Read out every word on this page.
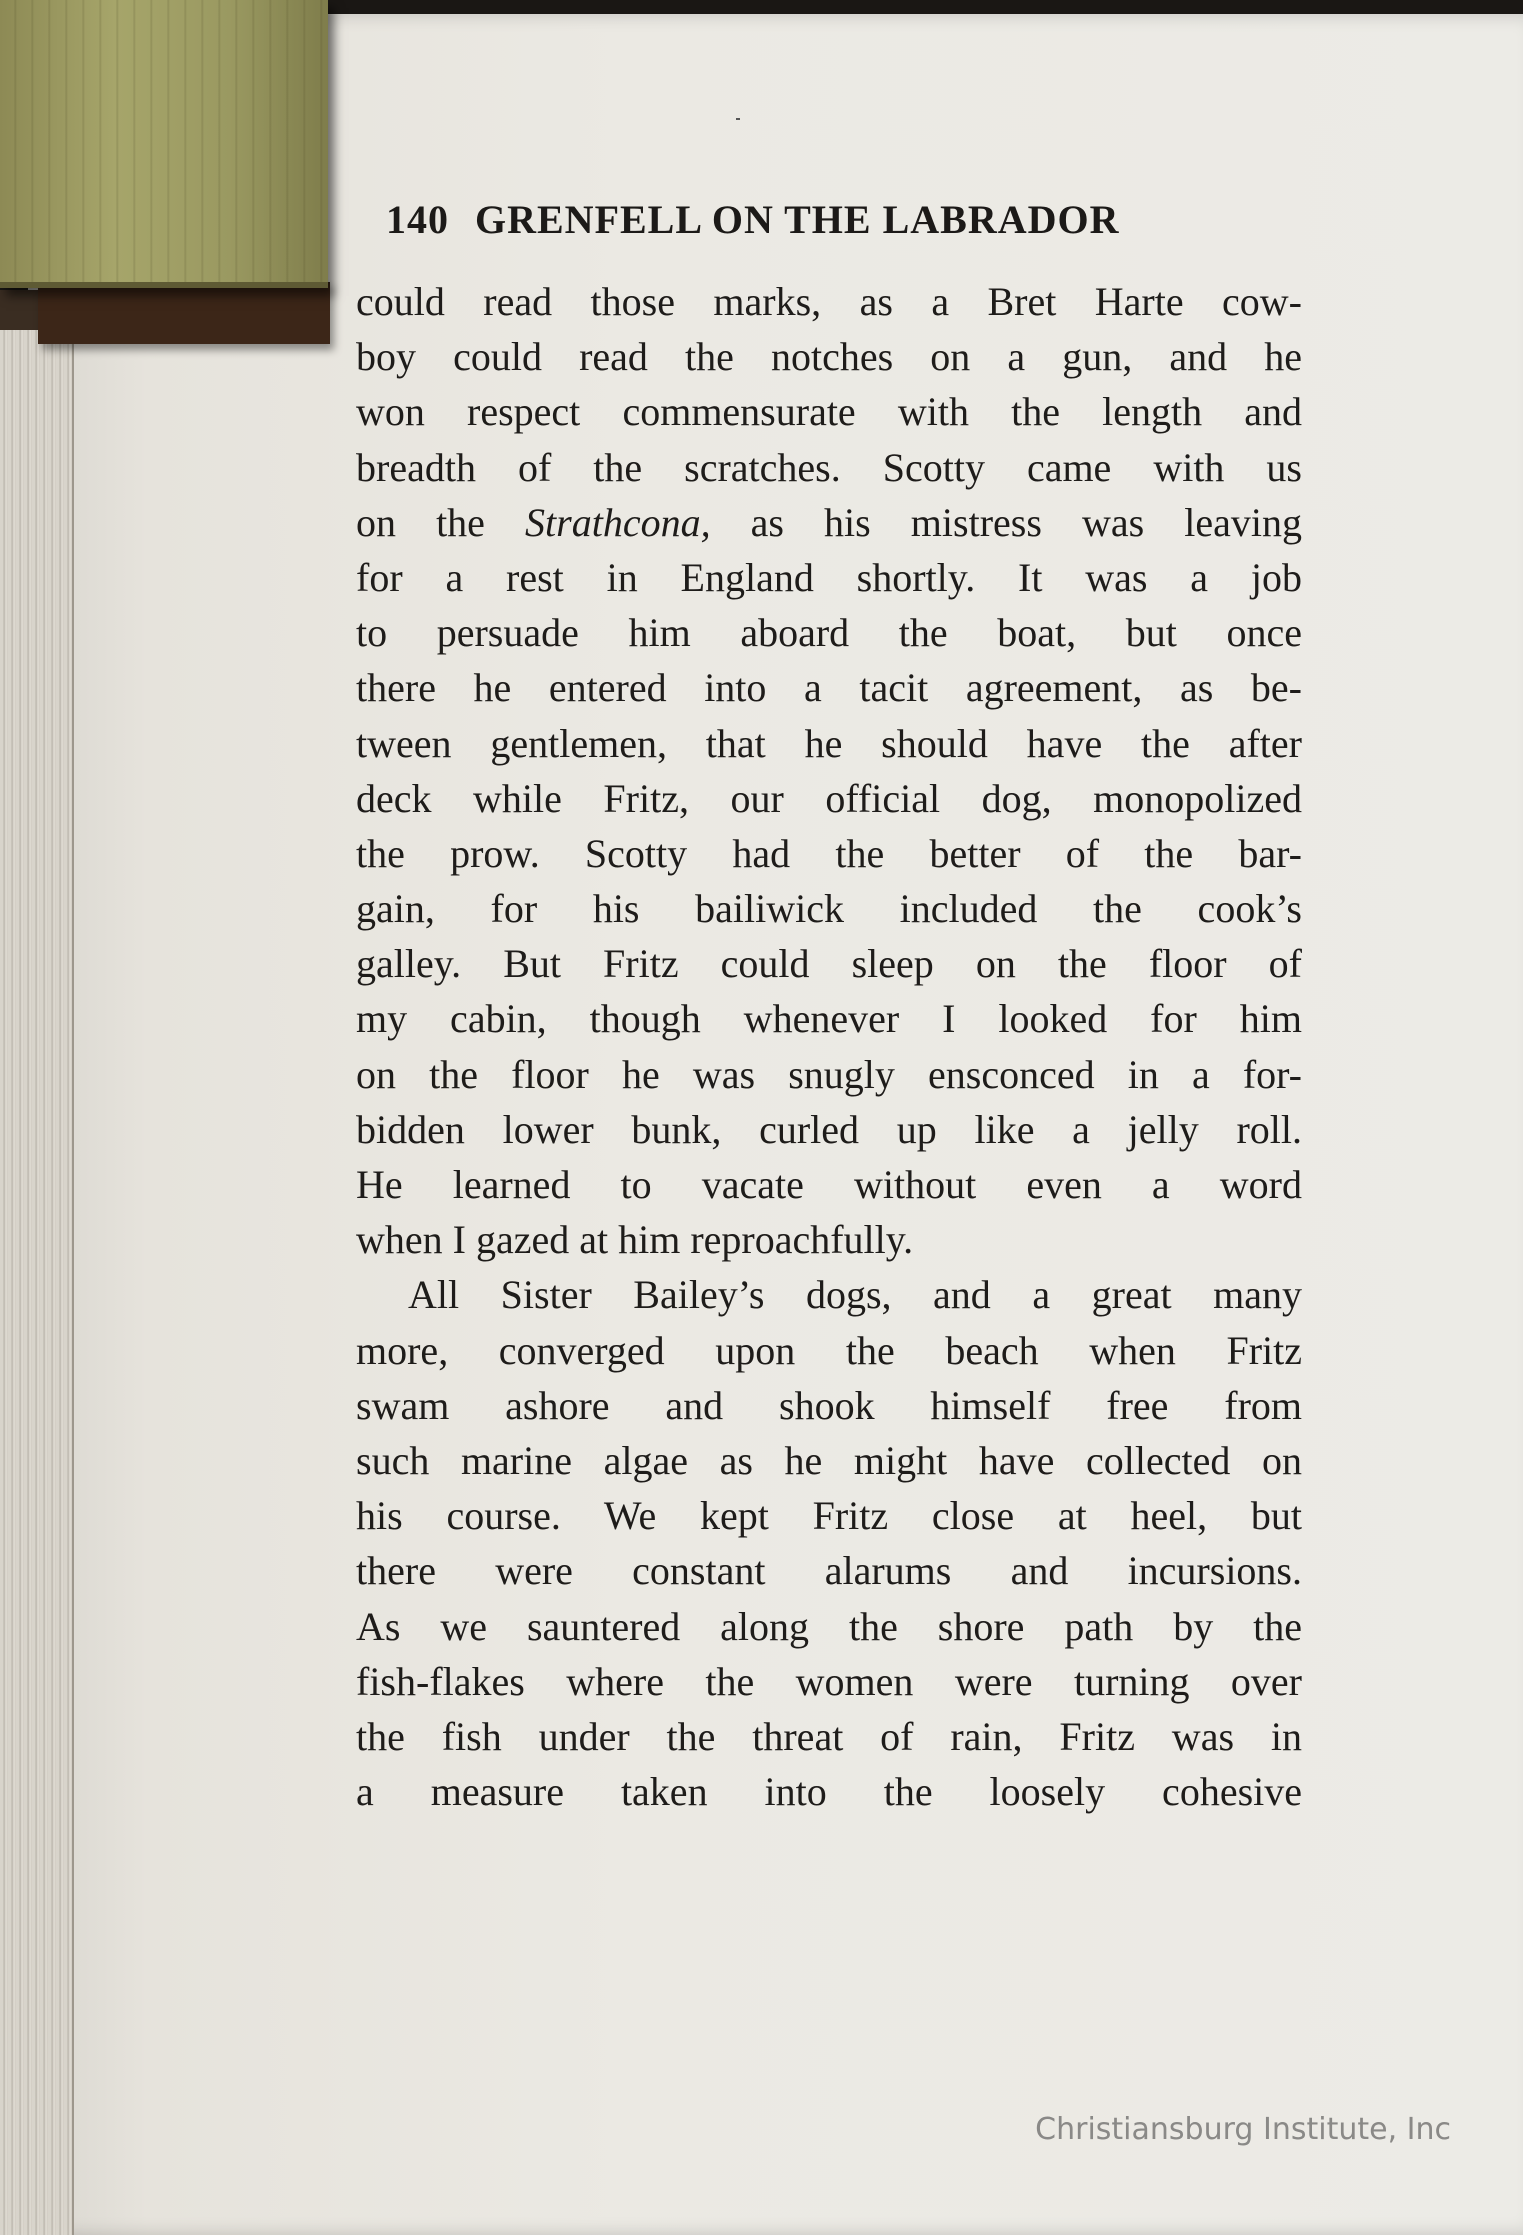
140 GRENFELL ON THE LABRADOR
could read those marks, as a Bret Harte cow-
boy could read the notches on a gun, and he
won respect commensurate with the length and
breadth of the scratches. Scotty came with us
on the Strathcona, as his mistress was leaving
for a rest in England shortly. It was a job
to persuade him aboard the boat, but once
there he entered into a tacit agreement, as be-
tween gentlemen, that he should have the after
deck while Fritz, our official dog, monopolized
the prow. Scotty had the better of the bar-
gain, for his bailiwick included the cook’s
galley. But Fritz could sleep on the floor of
my cabin, though whenever I looked for him
on the floor he was snugly ensconced in a for-
bidden lower bunk, curled up like a jelly roll.
He learned to vacate without even a word
when I gazed at him reproachfully.
All Sister Bailey’s dogs, and a great many
more, converged upon the beach when Fritz
swam ashore and shook himself free from
such marine algae as he might have collected on
his course. We kept Fritz close at heel, but
there were constant alarums and incursions.
As we sauntered along the shore path by the
fish-flakes where the women were turning over
the fish under the threat of rain, Fritz was in
a measure taken into the loosely cohesive
Christiansburg Institute, Inc
